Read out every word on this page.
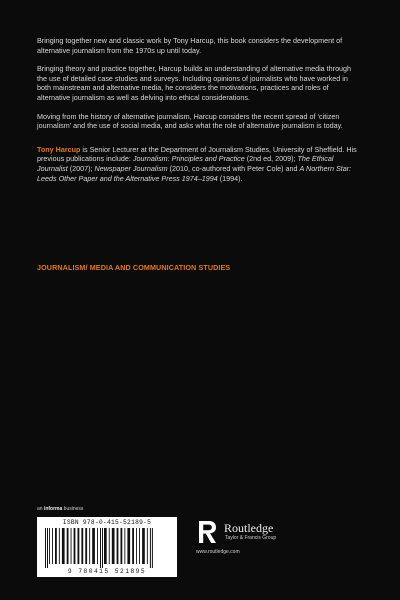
Bringing together new and classic work by Tony Harcup, this book considers the development of alternative journalism from the 1970s up until today.

Bringing theory and practice together, Harcup builds an understanding of alternative media through the use of detailed case studies and surveys. Including opinions of journalists who have worked in both mainstream and alternative media, he considers the motivations, practices and roles of alternative journalism as well as delving into ethical considerations.

Moving from the history of alternative journalism, Harcup considers the recent spread of ‘citizen journalism’ and the use of social media, and asks what the role of alternative journalism is today.

Tony Harcup is Senior Lecturer at the Department of Journalism Studies, University of Sheffield. His previous publications include: Journalism: Principles and Practice (2nd ed, 2009); The Ethical Journalist (2007); Newspaper Journalism (2010, co-authored with Peter Cole) and A Northern Star: Leeds Other Paper and the Alternative Press 1974–1994 (1994).

JOURNALISM/ MEDIA AND COMMUNICATION STUDIES
an informa business
ISBN 978-0-415-52189-5
9 780415 521895
Routledge
Taylor & Francis Group
www.routledge.com
